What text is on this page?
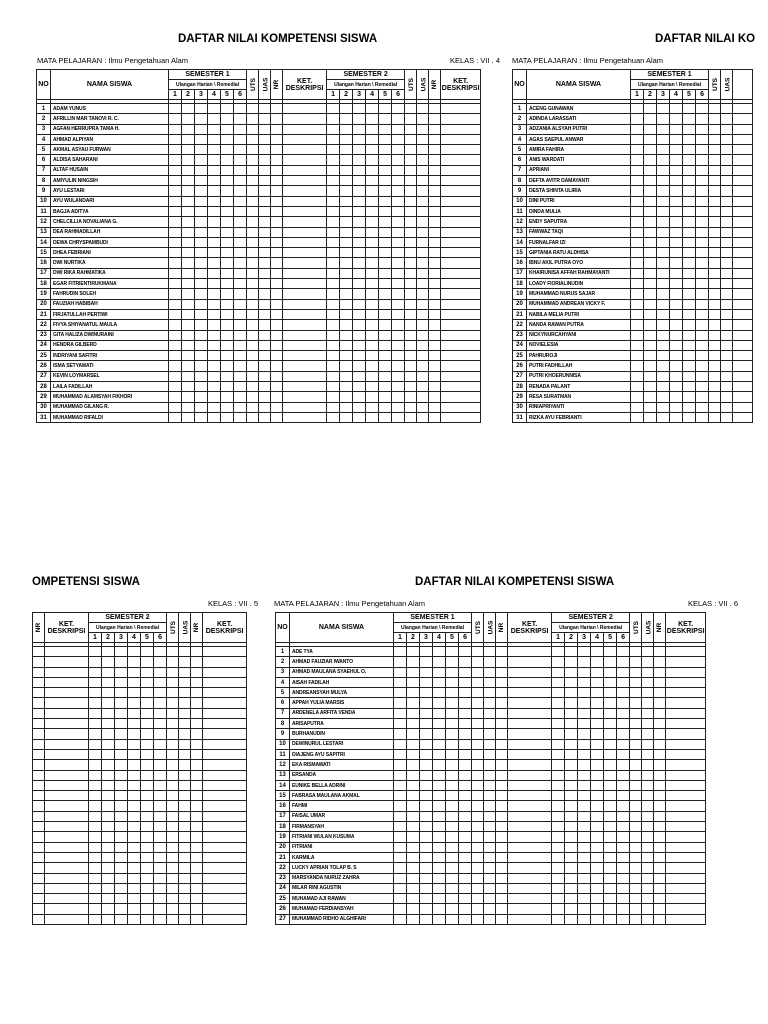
DAFTAR NILAI KOMPETENSI SISWA	DAFTAR NILAI KO
MATA PELAJARAN : Ilmu Pengetahuan Alam	KELAS : VII . 4 MATA PELAJARAN : Ilmu Pengetahuan Alam
NO	NAMA SISWA	SEMESTER 1						UTS	UAS	NR	KET.
DESKRIPSI	SEMESTER 2						UTS	UAS	NR	KET.
DESKRIPSI
		Ulangan Harian \ Remedial										Ulangan Harian \ Remedial									
		1	2	3	4	5	6					1	2	3	4	5	6				

1	ADAM YUNUS																				
2	AFRILLIN MAR TANOVI R. C.																				
3	AGFAN HERRUPRA TAMA H.																				
4	AHMAD ALPIYAN																				
5	AKMAL ASYAU FURWAN																				
6	ALDISA SAHARANI																				
7	ALTAF HUSAIN																				
8	AMIYULIN NINGSIH																				
9	AYU LESTARI																				
10	AYU WULANDARI																				
11	BAGJA ADITYA																				
12	CHELCILLIA NOVALIANA G.																				
13	DEA RAHMADILLAH																				
14	DEWA CHRYSPAMBUDI																				
15	DHEA FEBRIANI																				
16	DWI NURTIKA																				
17	DWI RIKA RAHMATIKA																				
18	EGAR FITRIENTIRUKMANA																				
19	FAHRUDIN SOLEH																				
20	FAUZIAH HABIBAH																				
21	FIRJATULLAH PERTIWI																				
22	FIVYA SHIYANATUL MAULA																				
23	GITA HALIZA DWINURAINI																				
24	HENDRA GILBERD																				
25	INDRIYANI SAFITRI																				
26	ISMA SETYAWATI																				
27	KEVIN LOYMARSEL																				
28	LAILA FADILLAH																				
29	MUHAMMAD ALAMSYAH FIKHORI																				
30	MUHAMMAD GILANG R.																				
31	MUHAMMAD RIFALDI																				
NO	NAMA SISWA	SEMESTER 1						UTS	UAS	
		Ulangan Harian \ Remedial								
		1	2	3	4	5	6			

1	ACENG GUNAWAN									
2	ADINDA LARASSATI									
3	ADZANIA ALSYAH PUTRI									
4	AGAS SAEPUL ANWAR									
5	AMIRA FAHIRA									
6	ANIS WARDATI									
7	APRIANI									
8	DEFTA AVITR DAMAYANTI									
9	DESTA SHINTA ULIRIA									
10	DINI PUTRI									
11	DINDA MULIA									
12	ENDY SAPUTRA									
13	FAWWAZ TAQI									
14	FURNALFAR IZI									
15	GIPTANIA RATU ALDHISA									
16	IBNU AKIL PUTRA OYO									
17	KHAIRUNISA AFFAH RAHMAYANTI									
18	LOADY FIORIALINUDIN									
19	MUHAMMAD NURUS SAJAR									
20	MUHAMMAD ANDREAN VICKY F.									
21	NABILA MELIA PUTRI									
22	NANDA RAWAN PUTRA									
23	NICKYNURCAHYANI									
24	NOVIELESIA									
25	PAHRUROJI									
26	PUTRI FADHILLAH									
27	PUTRI KHOERUNNISA									
28	RENADA PALANT									
29	RESA SURATMAN									
30	RINIAPRIYANTI									
31	RIZKA AYU FEBRIANTI									
OMPETENSI SISWA	DAFTAR NILAI KOMPETENSI SISWA
KELAS : VII . 5 MATA PELAJARAN : Ilmu Pengetahuan Alam	KELAS : VII . 6
NR	KET.
DESKRIPSI	SEMESTER 2						UTS	UAS	NR	KET.
DESKRIPSI
		Ulangan Harian \ Remedial									
		1	2	3	4	5	6				

NO	NAMA SISWA	SEMESTER 1						UTS	UAS	NR	KET.
DESKRIPSI	SEMESTER 2						UTS	UAS	NR	KET.
DESKRIPSI
		Ulangan Harian \ Remedial										Ulangan Harian \ Remedial									
		1	2	3	4	5	6					1	2	3	4	5	6				

1	ADE TYA																				
2	AHMAD FAUZIAR IWANTO																				
3	AHMAD MAULANA SYAEHUL O.																				
4	AISAH FADILAH																				
5	ANDREANSYAH MULYA																				
6	APPAH YULIA MARSIS																				
7	ARDENELA ARFITA VENDA																				
8	ARISAPUTRA																				
9	BURHANUDIN																				
10	DEWINURUL LESTARI																				
11	DIAJENG AYU SAPITRI																				
12	EKA RISMAWATI																				
13	ERSANDA																				
14	EUNIKE BELLA ADRINI																				
15	FABRASA MAULANA AKMAL																				
16	FAHMI																				
17	FAISAL UMAR																				
18	FIRMANSYAH																				
19	FITRIANI WULAN KUSUMA																				
20	FITRIANI																				
21	KARMILA																				
22	LUCKY APRIAN TOLAP B. S																				
23	MARSYANDA NURUZ ZAHRA																				
24	MILAR RINI AGUSTIN																				
25	MUHAMAD AJI RAWAN																				
26	MUHAMAD FERDIANSYAH																				
27	MUHAMMAD RIDHO ALGHIFARI																				
